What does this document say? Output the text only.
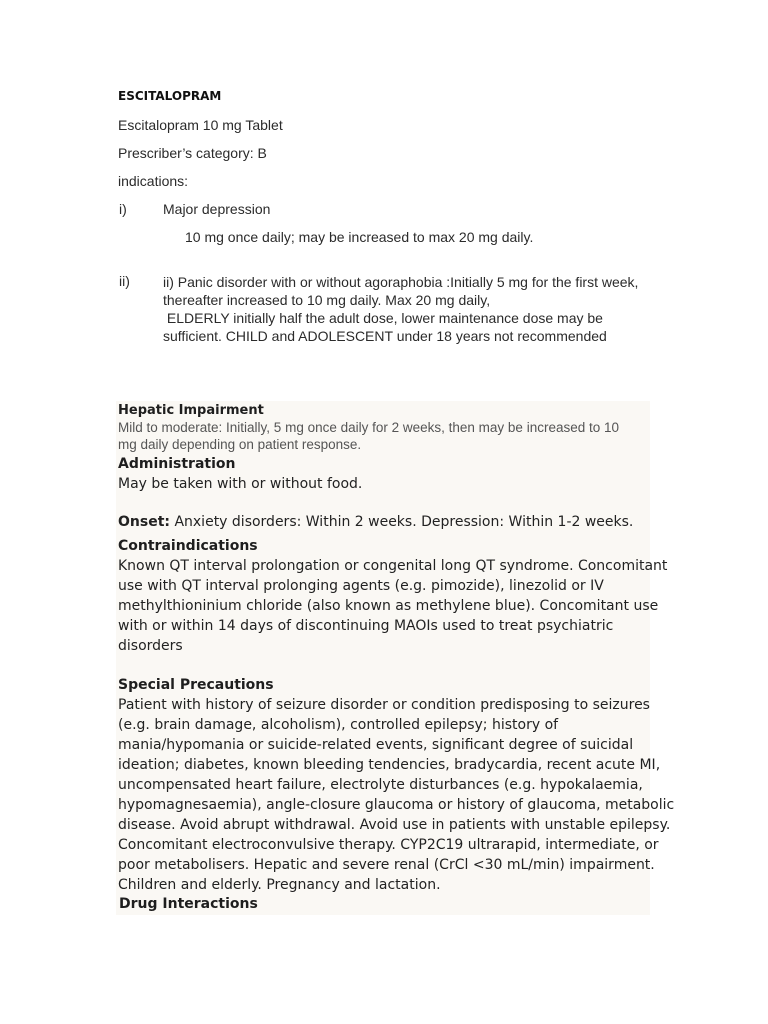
ESCITALOPRAM
Escitalopram 10 mg Tablet
Prescriber’s category: B
indications:
i)	Major depression
10 mg once daily; may be increased to max 20 mg daily.
ii) ii) Panic disorder with or without agoraphobia :Initially 5 mg for the first week,
thereafter increased to 10 mg daily. Max 20 mg daily,
ELDERLY initially half the adult dose, lower maintenance dose may be
sufficient. CHILD and ADOLESCENT under 18 years not recommended
Hepatic Impairment
Mild to moderate: Initially, 5 mg once daily for 2 weeks, then may be increased to 10
mg daily depending on patient response.
Administration
May be taken with or without food.
Onset: Anxiety disorders: Within 2 weeks. Depression: Within 1-2 weeks.
Contraindications
Known QT interval prolongation or congenital long QT syndrome. Concomitant
use with QT interval prolonging agents (e.g. pimozide), linezolid or IV
methylthioninium chloride (also known as methylene blue). Concomitant use
with or within 14 days of discontinuing MAOIs used to treat psychiatric
disorders
Special Precautions
Patient with history of seizure disorder or condition predisposing to seizures
(e.g. brain damage, alcoholism), controlled epilepsy; history of
mania/hypomania or suicide-related events, significant degree of suicidal
ideation; diabetes, known bleeding tendencies, bradycardia, recent acute MI,
uncompensated heart failure, electrolyte disturbances (e.g. hypokalaemia,
hypomagnesaemia), angle-closure glaucoma or history of glaucoma, metabolic
disease. Avoid abrupt withdrawal. Avoid use in patients with unstable epilepsy.
Concomitant electroconvulsive therapy. CYP2C19 ultrarapid, intermediate, or
poor metabolisers. Hepatic and severe renal (CrCl <30 mL/min) impairment.
Children and elderly. Pregnancy and lactation.
Drug Interactions
